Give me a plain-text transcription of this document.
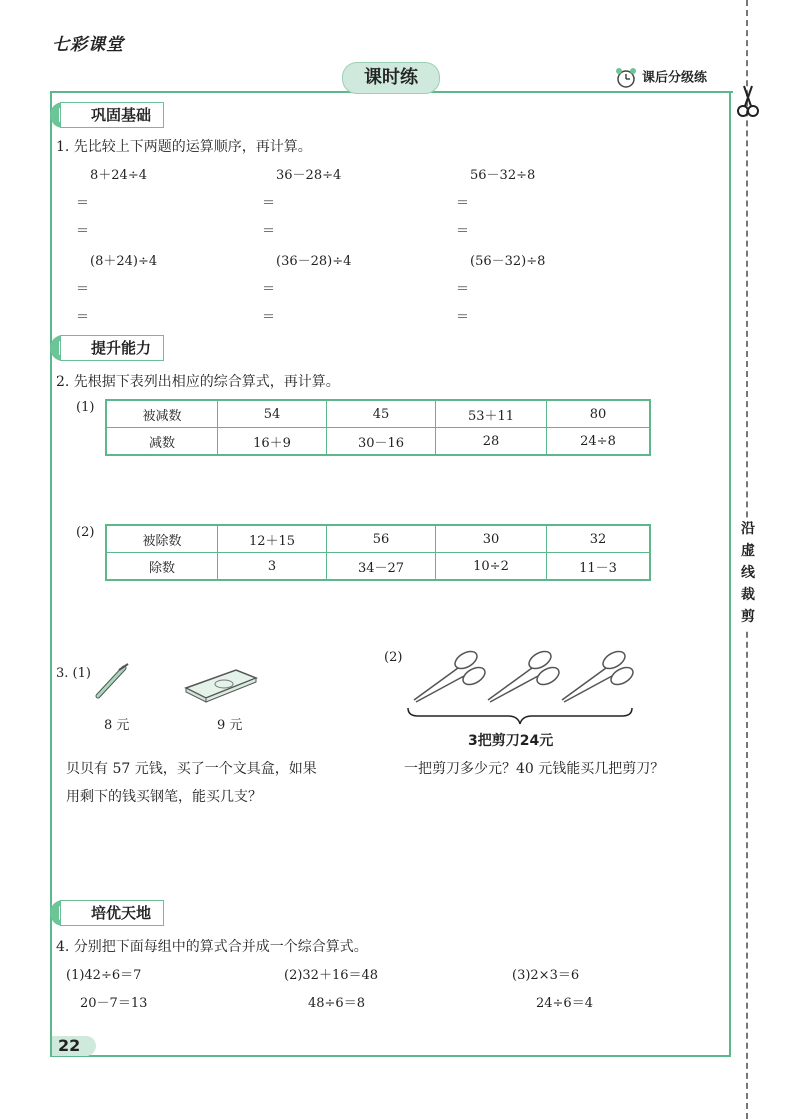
沿
虚
线
裁
剪
七彩课堂
课时练	课后分级练
巩固基础
1. 先比较上下两题的运算顺序，再计算。
8＋24÷4	36－28÷4	56－32÷8
＝	＝	＝
＝	＝	＝
(8＋24)÷4	(36－28)÷4	(56－32)÷8
＝	＝	＝
＝	＝	＝
提升能力
2. 先根据下表列出相应的综合算式，再计算。
(1)
被减数	54	45	53＋11	80
减数	16＋9	30－16	28	24÷8
(2)
被除数	12＋15	56	30	32
除数	3	34－27	10÷2	11－3
3. (1)
8 元	9 元
贝贝有 57 元钱，买了一个文具盒，如果
用剩下的钱买钢笔，能买几支？
(2)
3把剪刀24元
一把剪刀多少元？40 元钱能买几把剪刀？
培优天地
4. 分别把下面每组中的算式合并成一个综合算式。
(1)42÷6＝7
20－7＝13
(2)32＋16＝48
48÷6＝8
(3)2×3＝6
24÷6＝4
22
